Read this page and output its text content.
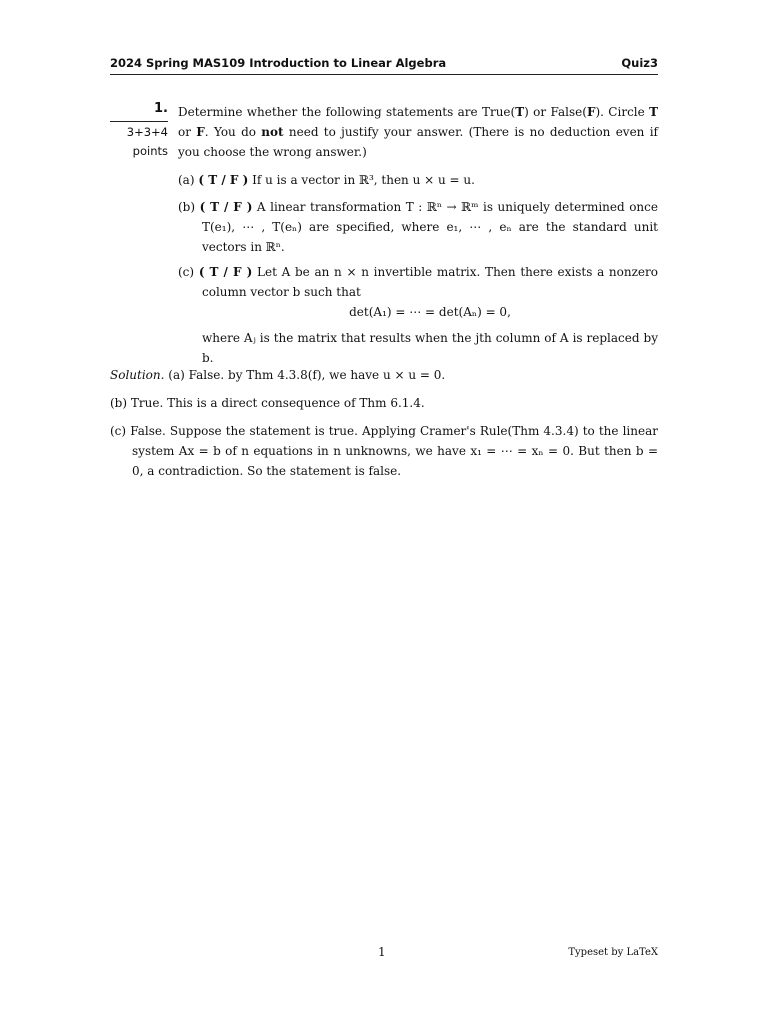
2024 Spring MAS109 Introduction to Linear Algebra	Quiz3
1.
3+3+4
points
Determine whether the following statements are True(T) or False(F). Circle T or F. You do not need to justify your answer. (There is no deduction even if you choose the wrong answer.)
(a) ( T / F ) If u is a vector in ℝ³, then u × u = u.
(b) ( T / F ) A linear transformation T : ℝⁿ → ℝᵐ is uniquely determined once T(e₁), ⋯ , T(eₙ) are specified, where e₁, ⋯ , eₙ are the standard unit vectors in ℝⁿ.
(c) ( T / F ) Let A be an n × n invertible matrix. Then there exists a nonzero column vector b such that

det(A₁) = ⋯ = det(Aₙ) = 0,

where Aⱼ is the matrix that results when the jth column of A is replaced by b.
Solution. (a) False. by Thm 4.3.8(f), we have u × u = 0.
(b) True. This is a direct consequence of Thm 6.1.4.
(c) False. Suppose the statement is true. Applying Cramer's Rule(Thm 4.3.4) to the linear system Ax = b of n equations in n unknowns, we have x₁ = ⋯ = xₙ = 0. But then b = 0, a contradiction. So the statement is false.
1	Typeset by LaTeX
